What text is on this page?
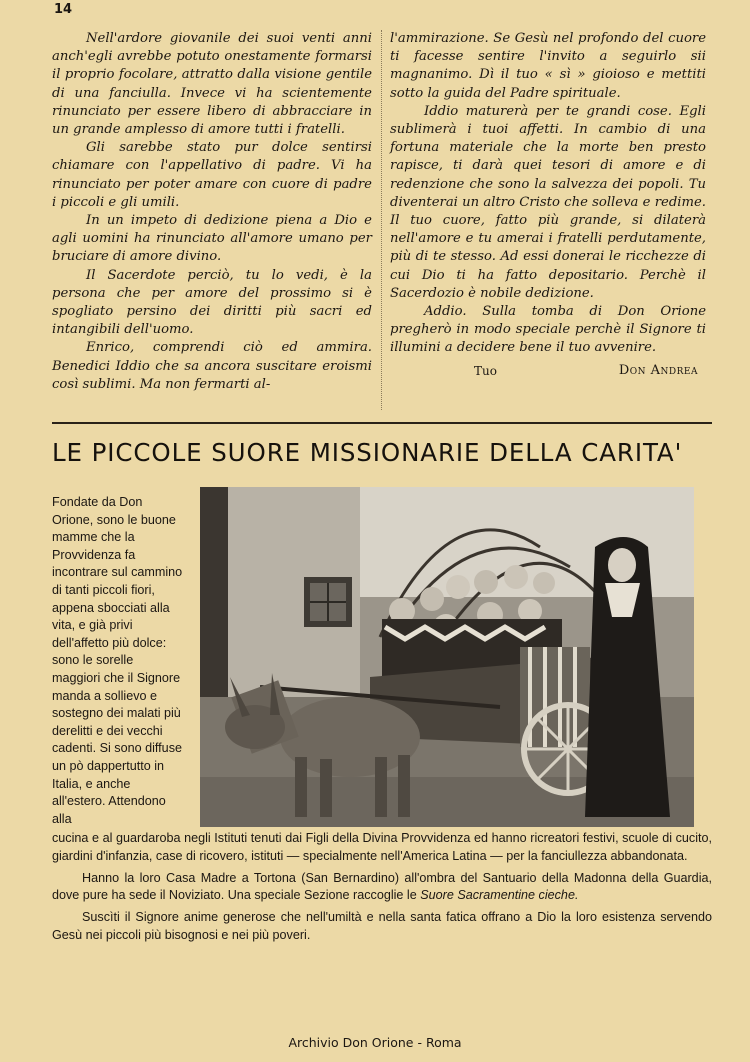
14

Nell'ardore giovanile dei suoi venti anni anch'egli avrebbe potuto onestamente formarsi il proprio focolare, attratto dalla visione gentile di una fanciulla. Invece vi ha scientemente rinunciato per essere libero di abbracciare in un grande amplesso di amore tutti i fratelli.

Gli sarebbe stato pur dolce sentirsi chiamare con l'appellativo di padre. Vi ha rinunciato per poter amare con cuore di padre i piccoli e gli umili.

In un impeto di dedizione piena a Dio e agli uomini ha rinunciato all'amore umano per bruciare di amore divino.

Il Sacerdote perciò, tu lo vedi, è la persona che per amore del prossimo si è spogliato persino dei diritti più sacri ed intangibili dell'uomo.

Enrico, comprendi ciò ed ammira. Benedici Iddio che sa ancora suscitare eroismi così sublimi. Ma non fermarti al-

l'ammirazione. Se Gesù nel profondo del cuore ti facesse sentire l'invito a seguirlo sii magnanimo. Dì il tuo « sì » gioioso e mettiti sotto la guida del Padre spirituale.

Iddio maturerà per te grandi cose. Egli sublimerà i tuoi affetti. In cambio di una fortuna materiale che la morte ben presto rapisce, ti darà quei tesori di amore e di redenzione che sono la salvezza dei popoli. Tu diventerai un altro Cristo che solleva e redime. Il tuo cuore, fatto più grande, si dilaterà nell'amore e tu amerai i fratelli perdutamente, più di te stesso. Ad essi donerai le ricchezze di cui Dio ti ha fatto depositario. Perchè il Sacerdozio è nobile dedizione.

Addio. Sulla tomba di Don Orione pregherò in modo speciale perchè il Signore ti illumini a decidere bene il tuo avvenire.

Tuo	Don Andrea
LE PICCOLE SUORE MISSIONARIE DELLA CARITA'

Fondate da Don Orione, sono le buone mamme che la Provvidenza fa incontrare sul cammino di tanti piccoli fiori, appena sbocciati alla vita, e già privi dell'affetto più dolce: sono le sorelle maggiori che il Signore manda a sollievo e sostegno dei malati più derelitti e dei vecchi cadenti. Si sono diffuse un pò dappertutto in Italia, e anche all'estero. Attendono alla

cucina e al guardaroba negli Istituti tenuti dai Figli della Divina Provvidenza ed hanno ricreatori festivi, scuole di cucito, giardini d'infanzia, case di ricovero, istituti — specialmente nell'America Latina — per la fanciullezza abbandonata.

Hanno la loro Casa Madre a Tortona (San Bernardino) all'ombra del Santuario della Madonna della Guardia, dove pure ha sede il Noviziato. Una speciale Sezione raccoglie le Suore Sacramentine cieche.

Suscìti il Signore anime generose che nell'umiltà e nella santa fatica offrano a Dio la loro esistenza servendo Gesù nei piccoli più bisognosi e nei più poveri.

Archivio Don Orione - Roma
